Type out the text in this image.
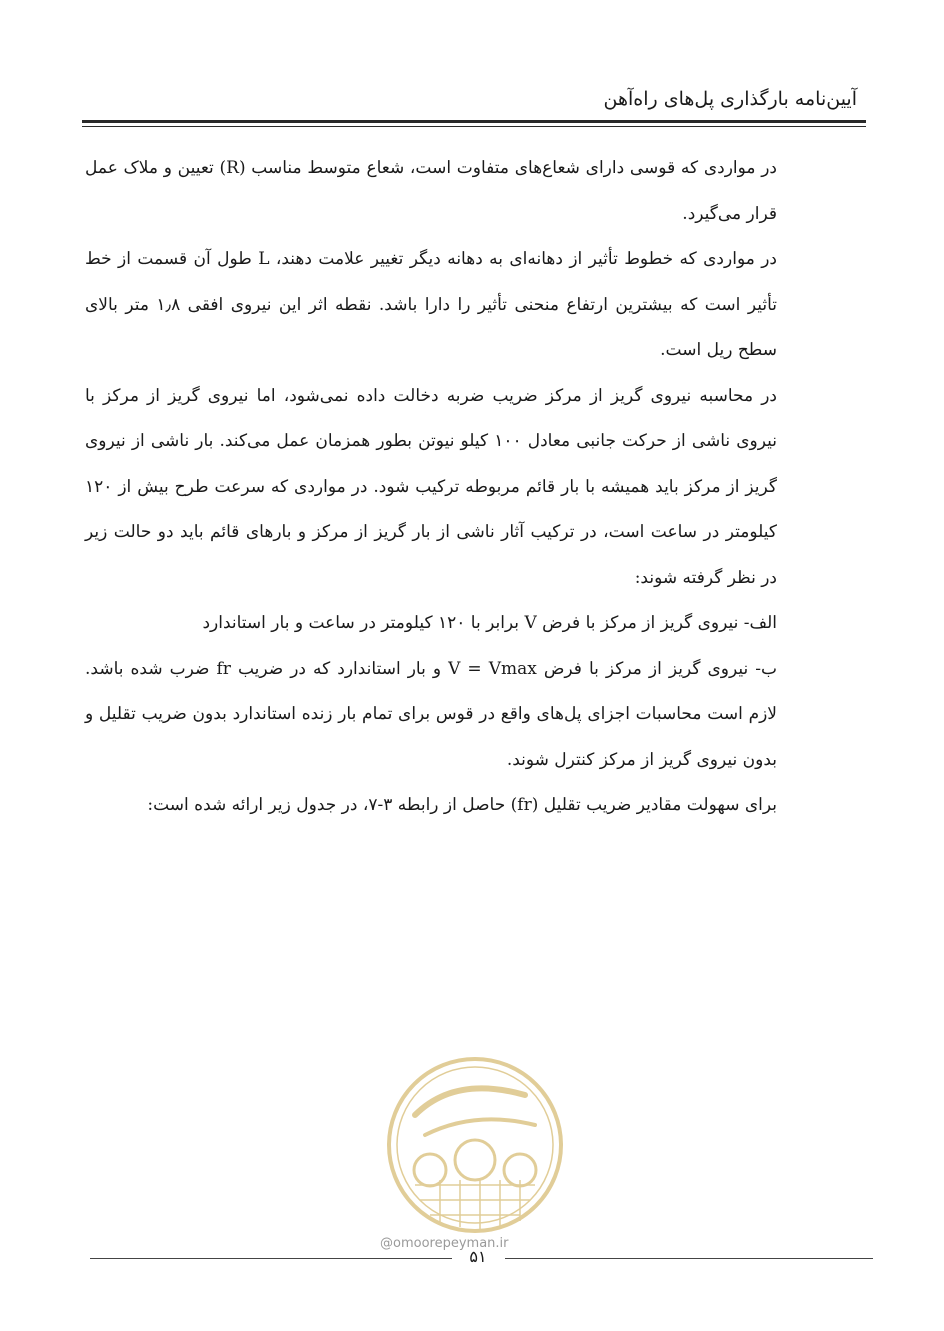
آیین‌نامه بارگذاری پل‌های راه‌آهن

در مواردی که قوسی دارای شعاع‌های متفاوت است، شعاع متوسط مناسب (R) تعیین و ملاک عمل قرار می‌گیرد.

در مواردی که خطوط تأثیر از دهانه‌ای به دهانه دیگر تغییر علامت دهند، L طول آن قسمت از خط تأثیر است که بیشترین ارتفاع منحنی تأثیر را دارا باشد. نقطه اثر این نیروی افقی ۱٫۸ متر بالای سطح ریل است.

در محاسبه نیروی گریز از مرکز ضریب ضربه دخالت داده نمی‌شود، اما نیروی گریز از مرکز با نیروی ناشی از حرکت جانبی معادل ۱۰۰ کیلو نیوتن بطور همزمان عمل می‌کند. بار ناشی از نیروی گریز از مرکز باید همیشه با بار قائم مربوطه ترکیب شود. در مواردی که سرعت طرح بیش از ۱۲۰ کیلومتر در ساعت است، در ترکیب آثار ناشی از بار گریز از مرکز و بارهای قائم باید دو حالت زیر در نظر گرفته شوند:

الف- نیروی گریز از مرکز با فرض V برابر با ۱۲۰ کیلومتر در ساعت و بار استاندارد

ب- نیروی گریز از مرکز با فرض V = Vmax و بار استاندارد که در ضریب fr ضرب شده باشد. لازم است محاسبات اجزای پل‌های واقع در قوس برای تمام بار زنده استاندارد بدون ضریب تقلیل و بدون نیروی گریز از مرکز کنترل شوند.

برای سهولت مقادیر ضریب تقلیل (fr) حاصل از رابطه ۳-۷، در جدول زیر ارائه شده است:

@omoorepeyman.ir
۵۱
